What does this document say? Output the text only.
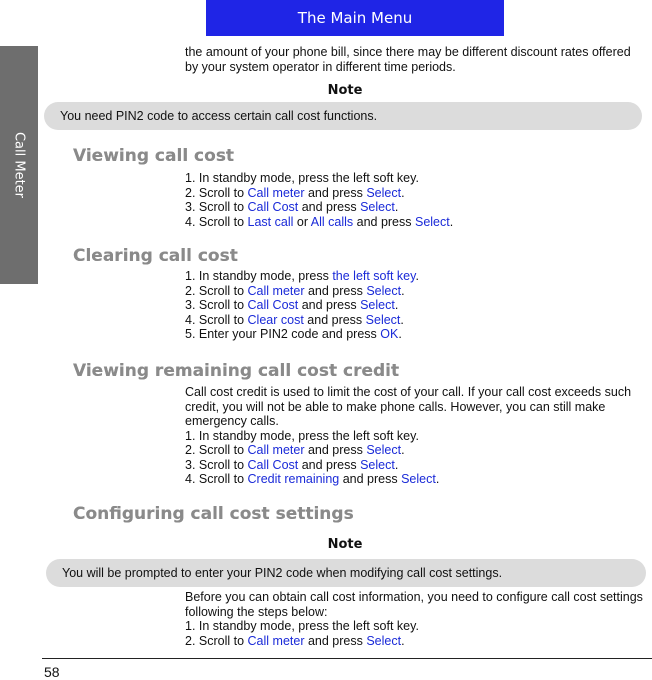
The Main Menu
Call Meter

the amount of your phone bill, since there may be different discount rates offered by your system operator in different time periods.

Note
You need PIN2 code to access certain call cost functions.
Viewing call cost
1. In standby mode, press the left soft key.
2. Scroll to Call meter and press Select.
3. Scroll to Call Cost and press Select.
4. Scroll to Last call or All calls and press Select.
Clearing call cost
1. In standby mode, press the left soft key.
2. Scroll to Call meter and press Select.
3. Scroll to Call Cost and press Select.
4. Scroll to Clear cost and press Select.
5. Enter your PIN2 code and press OK.
Viewing remaining call cost credit

Call cost credit is used to limit the cost of your call. If your call cost exceeds such credit, you will not be able to make phone calls. However, you can still make emergency calls.

1. In standby mode, press the left soft key.
2. Scroll to Call meter and press Select.
3. Scroll to Call Cost and press Select.
4. Scroll to Credit remaining and press Select.
Configuring call cost settings
Note
You will be prompted to enter your PIN2 code when modifying call cost settings.

Before you can obtain call cost information, you need to configure call cost settings following the steps below:

1. In standby mode, press the left soft key.
2. Scroll to Call meter and press Select.
58
